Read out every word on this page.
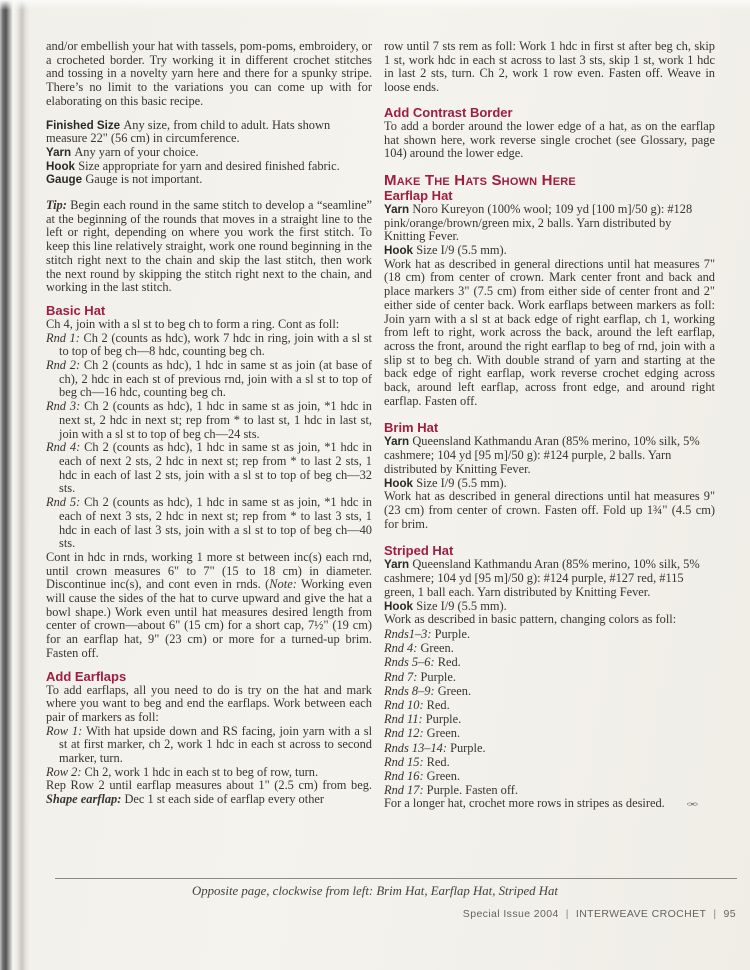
and/or embellish your hat with tassels, pom-poms, embroidery, or a crocheted border. Try working it in different crochet stitches and tossing in a novelty yarn here and there for a spunky stripe. There’s no limit to the variations you can come up with for elaborating on this basic recipe.

Finished Size Any size, from child to adult. Hats shown measure 22" (56 cm) in circumference.

Yarn Any yarn of your choice.

Hook Size appropriate for yarn and desired finished fabric.

Gauge Gauge is not important.

Tip: Begin each round in the same stitch to develop a “seamline” at the beginning of the rounds that moves in a straight line to the left or right, depending on where you work the first stitch. To keep this line relatively straight, work one round beginning in the stitch right next to the chain and skip the last stitch, then work the next round by skipping the stitch right next to the chain, and working in the last stitch.

Basic Hat

Ch 4, join with a sl st to beg ch to form a ring. Cont as foll:

Rnd 1: Ch 2 (counts as hdc), work 7 hdc in ring, join with a sl st to top of beg ch—8 hdc, counting beg ch.

Rnd 2: Ch 2 (counts as hdc), 1 hdc in same st as join (at base of ch), 2 hdc in each st of previous rnd, join with a sl st to top of beg ch—16 hdc, counting beg ch.

Rnd 3: Ch 2 (counts as hdc), 1 hdc in same st as join, *1 hdc in next st, 2 hdc in next st; rep from * to last st, 1 hdc in last st, join with a sl st to top of beg ch—24 sts.

Rnd 4: Ch 2 (counts as hdc), 1 hdc in same st as join, *1 hdc in each of next 2 sts, 2 hdc in next st; rep from * to last 2 sts, 1 hdc in each of last 2 sts, join with a sl st to top of beg ch—32 sts.

Rnd 5: Ch 2 (counts as hdc), 1 hdc in same st as join, *1 hdc in each of next 3 sts, 2 hdc in next st; rep from * to last 3 sts, 1 hdc in each of last 3 sts, join with a sl st to top of beg ch—40 sts.

Cont in hdc in rnds, working 1 more st between inc(s) each rnd, until crown measures 6" to 7" (15 to 18 cm) in diameter. Discontinue inc(s), and cont even in rnds. (Note: Working even will cause the sides of the hat to curve upward and give the hat a bowl shape.) Work even until hat measures desired length from center of crown—about 6" (15 cm) for a short cap, 7½" (19 cm) for an earflap hat, 9" (23 cm) or more for a turned-up brim. Fasten off.

Add Earflaps

To add earflaps, all you need to do is try on the hat and mark where you want to beg and end the earflaps. Work between each pair of markers as foll:

Row 1: With hat upside down and RS facing, join yarn with a sl st at first marker, ch 2, work 1 hdc in each st across to second marker, turn.

Row 2: Ch 2, work 1 hdc in each st to beg of row, turn.

Rep Row 2 until earflap measures about 1" (2.5 cm) from beg. Shape earflap: Dec 1 st each side of earflap every other

row until 7 sts rem as foll: Work 1 hdc in first st after beg ch, skip 1 st, work hdc in each st across to last 3 sts, skip 1 st, work 1 hdc in last 2 sts, turn. Ch 2, work 1 row even. Fasten off. Weave in loose ends.

Add Contrast Border

To add a border around the lower edge of a hat, as on the earflap hat shown here, work reverse single crochet (see Glossary, page 104) around the lower edge.

Make The Hats Shown Here
Earflap Hat

Yarn Noro Kureyon (100% wool; 109 yd [100 m]/50 g): #128 pink/orange/brown/green mix, 2 balls. Yarn distributed by Knitting Fever.

Hook Size I/9 (5.5 mm).

Work hat as described in general directions until hat measures 7" (18 cm) from center of crown. Mark center front and back and place markers 3" (7.5 cm) from either side of center front and 2" either side of center back. Work earflaps between markers as foll: Join yarn with a sl st at back edge of right earflap, ch 1, working from left to right, work across the back, around the left earflap, across the front, around the right earflap to beg of rnd, join with a slip st to beg ch. With double strand of yarn and starting at the back edge of right earflap, work reverse crochet edging across back, around left earflap, across front edge, and around right earflap. Fasten off.

Brim Hat

Yarn Queensland Kathmandu Aran (85% merino, 10% silk, 5% cashmere; 104 yd [95 m]/50 g): #124 purple, 2 balls. Yarn distributed by Knitting Fever.

Hook Size I/9 (5.5 mm).

Work hat as described in general directions until hat measures 9" (23 cm) from center of crown. Fasten off. Fold up 1¾" (4.5 cm) for brim.

Striped Hat

Yarn Queensland Kathmandu Aran (85% merino, 10% silk, 5% cashmere; 104 yd [95 m]/50 g): #124 purple, #127 red, #115 green, 1 ball each. Yarn distributed by Knitting Fever.

Hook Size I/9 (5.5 mm).

Work as described in basic pattern, changing colors as foll:

Rnds1–3: Purple.

Rnd 4: Green.

Rnds 5–6: Red.

Rnd 7: Purple.

Rnds 8–9: Green.

Rnd 10: Red.

Rnd 11: Purple.

Rnd 12: Green.

Rnds 13–14: Purple.

Rnd 15: Red.

Rnd 16: Green.

Rnd 17: Purple. Fasten off.

For a longer hat, crochet more rows in stripes as desired. ∞

Opposite page, clockwise from left: Brim Hat, Earflap Hat, Striped Hat

Special Issue 2004 | INTERWEAVE CROCHET | 95
